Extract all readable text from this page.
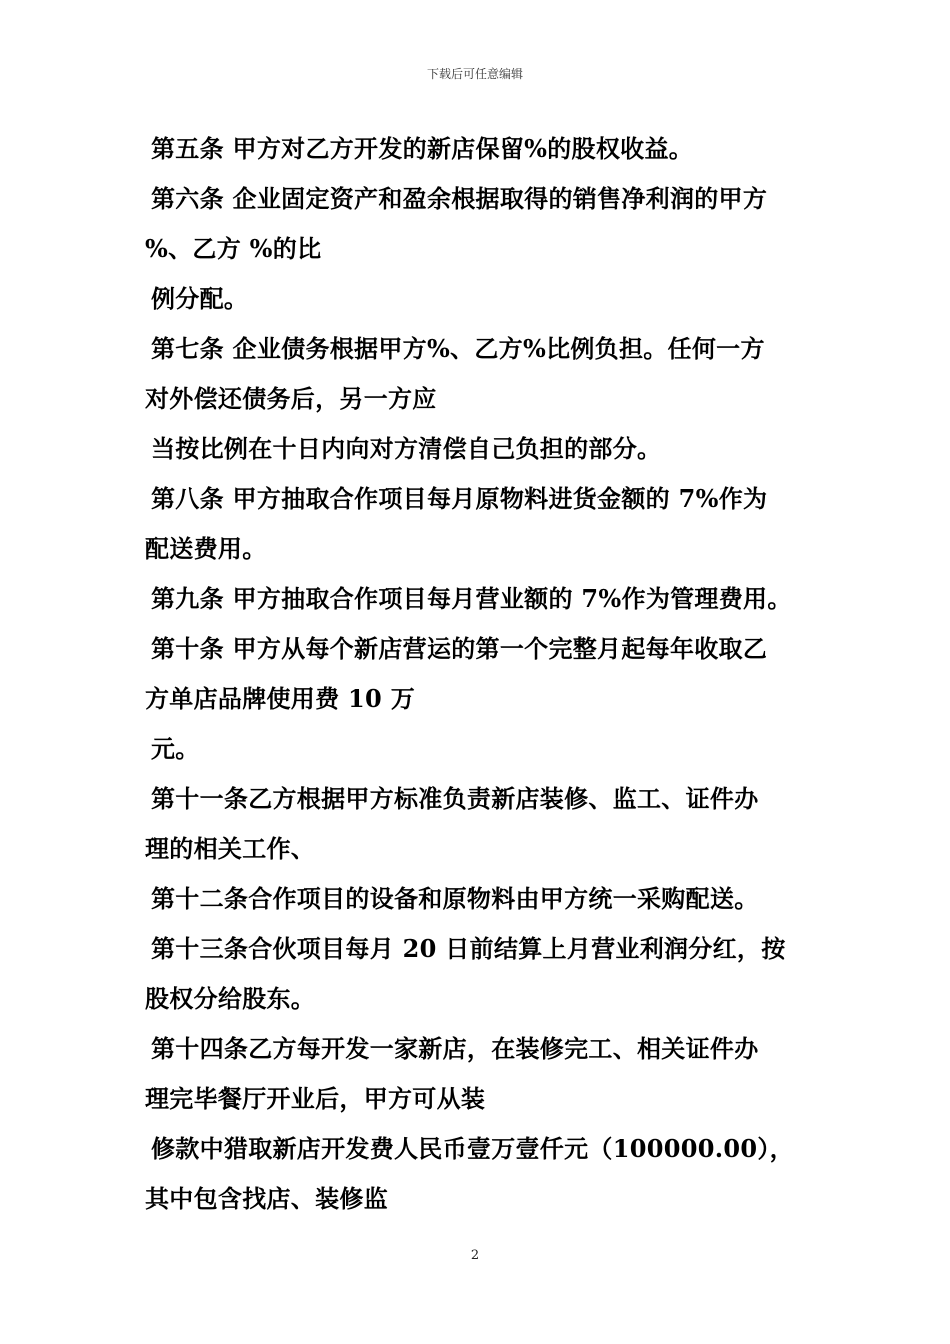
下载后可任意编辑
第五条 甲方对乙方开发的新店保留%的股权收益。
第六条 企业固定资产和盈余根据取得的销售净利润的甲方
%、乙方 %的比
例分配。
第七条 企业债务根据甲方%、乙方%比例负担。任何一方
对外偿还债务后，另一方应
当按比例在十日内向对方清偿自己负担的部分。
第八条 甲方抽取合作项目每月原物料进货金额的 7%作为
配送费用。
第九条 甲方抽取合作项目每月营业额的 7%作为管理费用。
第十条 甲方从每个新店营运的第一个完整月起每年收取乙
方单店品牌使用费 10 万
元。
第十一条乙方根据甲方标准负责新店装修、监工、证件办
理的相关工作、
第十二条合作项目的设备和原物料由甲方统一采购配送。
第十三条合伙项目每月 20 日前结算上月营业利润分红，按
股权分给股东。
第十四条乙方每开发一家新店，在装修完工、相关证件办
理完毕餐厅开业后，甲方可从装
修款中猎取新店开发费人民币壹万壹仟元（100000.00），
其中包含找店、装修监
2
